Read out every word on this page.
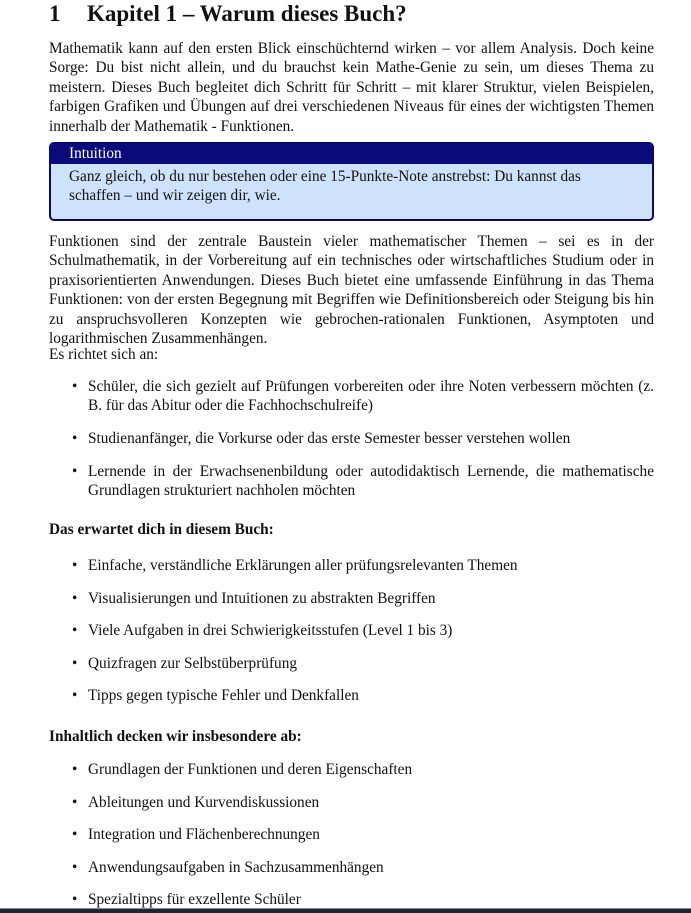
1 Kapitel 1 – Warum dieses Buch?

Mathematik kann auf den ersten Blick einschüchternd wirken – vor allem Analysis. Doch keine Sorge: Du bist nicht allein, und du brauchst kein Mathe-Genie zu sein, um dieses Thema zu meistern. Dieses Buch begleitet dich Schritt für Schritt – mit klarer Struktur, vielen Beispielen, farbigen Grafiken und Übungen auf drei verschiedenen Niveaus für eines der wichtigsten Themen innerhalb der Mathematik - Funktionen.

Intuition
Ganz gleich, ob du nur bestehen oder eine 15-Punkte-Note anstrebst: Du kannst das schaffen – und wir zeigen dir, wie.

Funktionen sind der zentrale Baustein vieler mathematischer Themen – sei es in der Schulmathematik, in der Vorbereitung auf ein technisches oder wirtschaftliches Studium oder in praxisorientierten Anwendungen. Dieses Buch bietet eine umfassende Einführung in das Thema Funktionen: von der ersten Begegnung mit Begriffen wie Definitionsbereich oder Steigung bis hin zu anspruchsvolleren Konzepten wie gebrochen-rationalen Funktionen, Asymptoten und logarithmischen Zusammenhängen.

Es richtet sich an:

• Schüler, die sich gezielt auf Prüfungen vorbereiten oder ihre Noten verbessern möchten (z. B. für das Abitur oder die Fachhochschulreife)
• Studienanfänger, die Vorkurse oder das erste Semester besser verstehen wollen
• Lernende in der Erwachsenenbildung oder autodidaktisch Lernende, die mathematische Grundlagen strukturiert nachholen möchten
Das erwartet dich in diesem Buch:
• Einfache, verständliche Erklärungen aller prüfungsrelevanten Themen
• Visualisierungen und Intuitionen zu abstrakten Begriffen
• Viele Aufgaben in drei Schwierigkeitsstufen (Level 1 bis 3)
• Quizfragen zur Selbstüberprüfung
• Tipps gegen typische Fehler und Denkfallen
Inhaltlich decken wir insbesondere ab:
• Grundlagen der Funktionen und deren Eigenschaften
• Ableitungen und Kurvendiskussionen
• Integration und Flächenberechnungen
• Anwendungsaufgaben in Sachzusammenhängen
• Spezialtipps für exzellente Schüler
